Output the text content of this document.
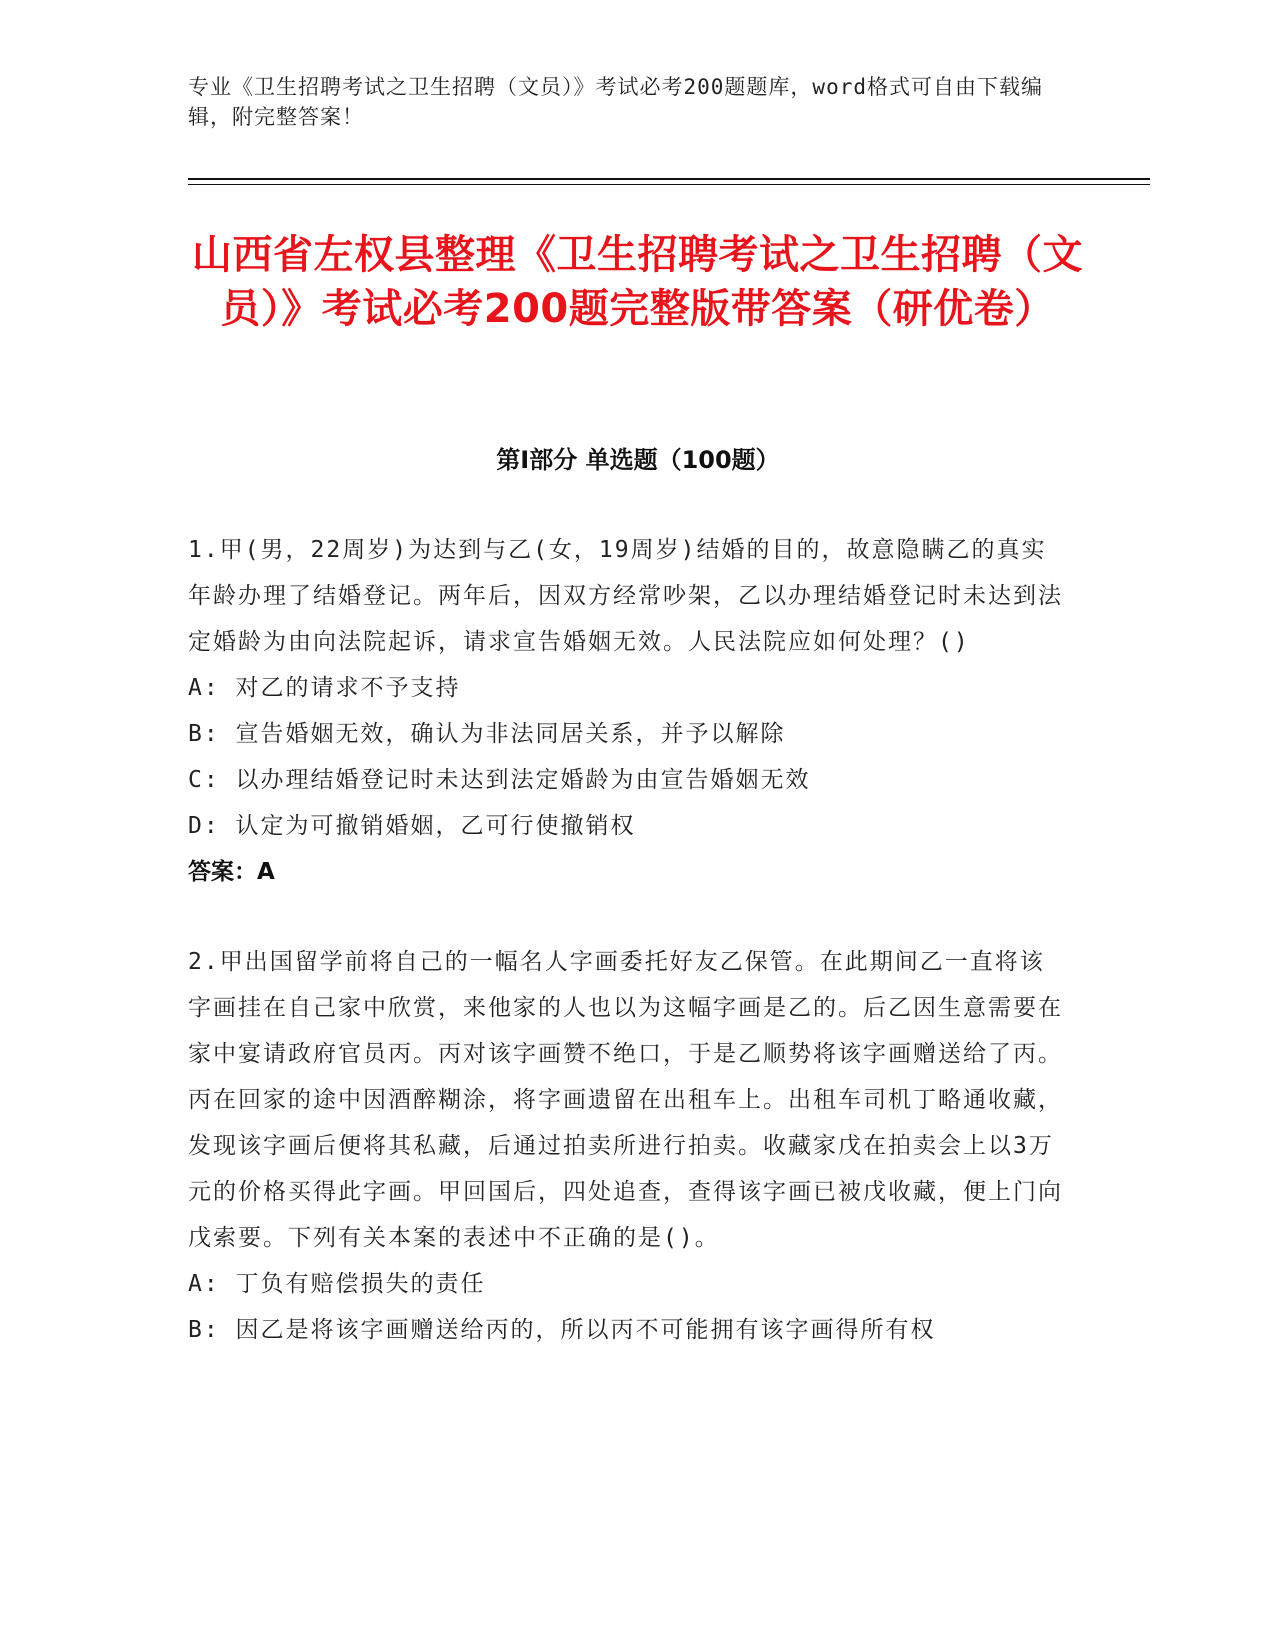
专业《卫生招聘考试之卫生招聘（文员）》考试必考200题题库，word格式可自由下载编辑，附完整答案！
山西省左权县整理《卫生招聘考试之卫生招聘（文员）》考试必考200题完整版带答案（研优卷）
第Ⅰ部分 单选题（100题）

1.甲(男，22周岁)为达到与乙(女，19周岁)结婚的目的，故意隐瞒乙的真实年龄办理了结婚登记。两年后，因双方经常吵架，乙以办理结婚登记时未达到法定婚龄为由向法院起诉，请求宣告婚姻无效。人民法院应如何处理？()

A: 对乙的请求不予支持

B: 宣告婚姻无效，确认为非法同居关系，并予以解除

C: 以办理结婚登记时未达到法定婚龄为由宣告婚姻无效

D: 认定为可撤销婚姻，乙可行使撤销权

答案：A

2.甲出国留学前将自己的一幅名人字画委托好友乙保管。在此期间乙一直将该字画挂在自己家中欣赏，来他家的人也以为这幅字画是乙的。后乙因生意需要在家中宴请政府官员丙。丙对该字画赞不绝口，于是乙顺势将该字画赠送给了丙。丙在回家的途中因酒醉糊涂，将字画遗留在出租车上。出租车司机丁略通收藏，发现该字画后便将其私藏，后通过拍卖所进行拍卖。收藏家戊在拍卖会上以3万元的价格买得此字画。甲回国后，四处追查，查得该字画已被戊收藏，便上门向戊索要。下列有关本案的表述中不正确的是()。

A: 丁负有赔偿损失的责任

B: 因乙是将该字画赠送给丙的，所以丙不可能拥有该字画得所有权
